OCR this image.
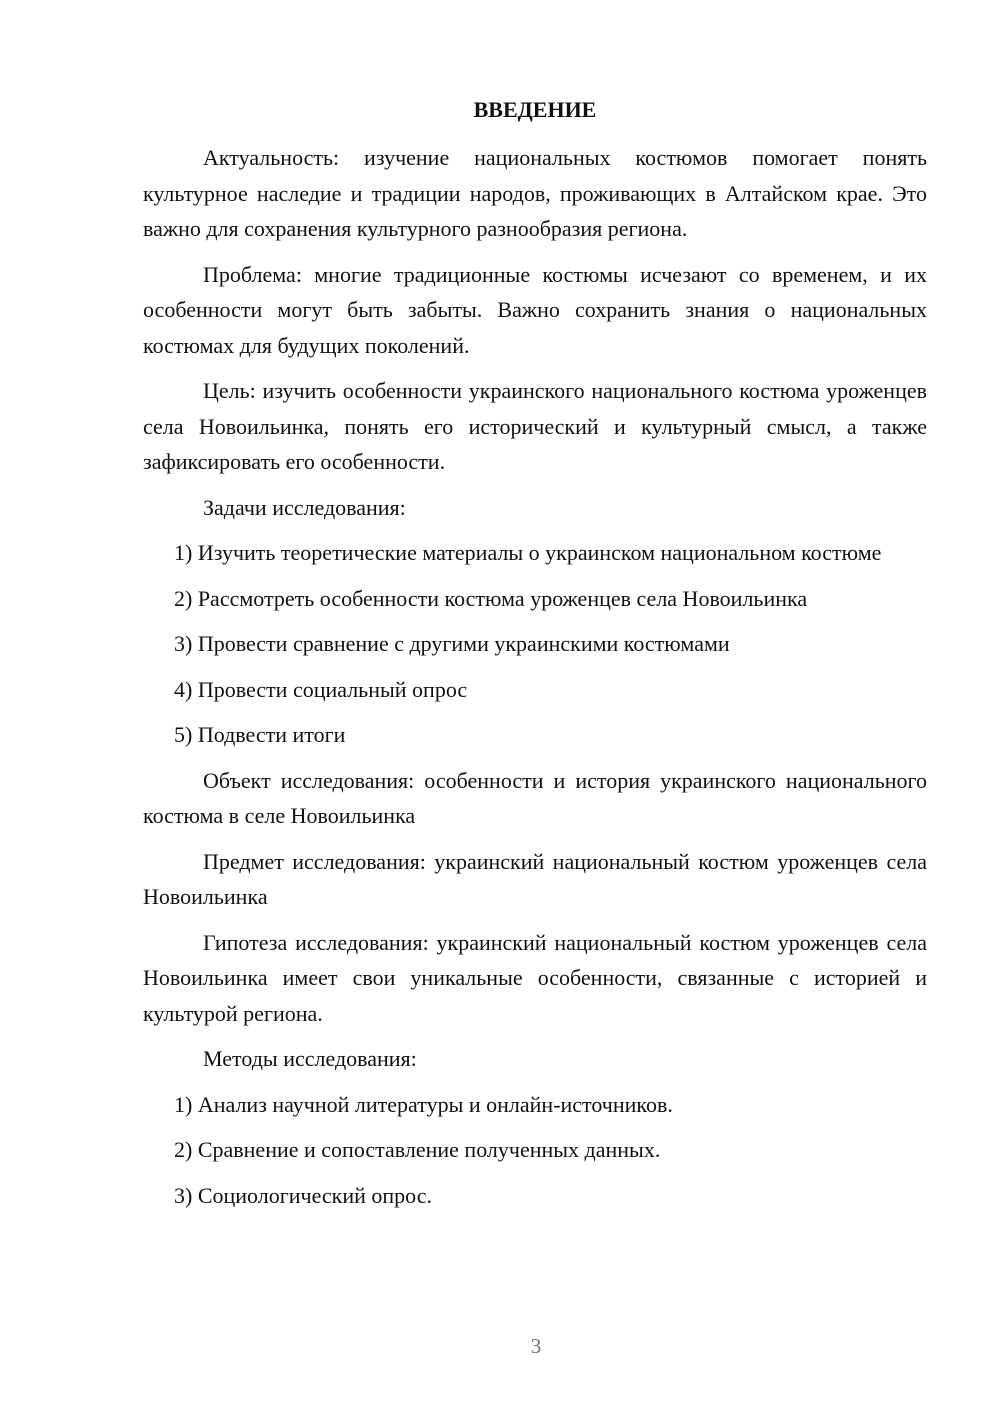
ВВЕДЕНИЕ

Актуальность: изучение национальных костюмов помогает понять культурное наследие и традиции народов, проживающих в Алтайском крае. Это важно для сохранения культурного разнообразия региона.

Проблема: многие традиционные костюмы исчезают со временем, и их особенности могут быть забыты. Важно сохранить знания о национальных костюмах для будущих поколений.

Цель: изучить особенности украинского национального костюма уроженцев села Новоильинка, понять его исторический и культурный смысл, а также зафиксировать его особенности.

Задачи исследования:

1) Изучить теоретические материалы о украинском национальном костюме
2) Рассмотреть особенности костюма уроженцев села Новоильинка
3) Провести сравнение с другими украинскими костюмами
4) Провести социальный опрос
5) Подвести итоги

Объект исследования: особенности и история украинского национального костюма в селе Новоильинка

Предмет исследования: украинский национальный костюм уроженцев села Новоильинка

Гипотеза исследования: украинский национальный костюм уроженцев села Новоильинка имеет свои уникальные особенности, связанные с историей и культурой региона.

Методы исследования:

1) Анализ научной литературы и онлайн-источников.
2) Сравнение и сопоставление полученных данных.
3) Социологический опрос.
3
